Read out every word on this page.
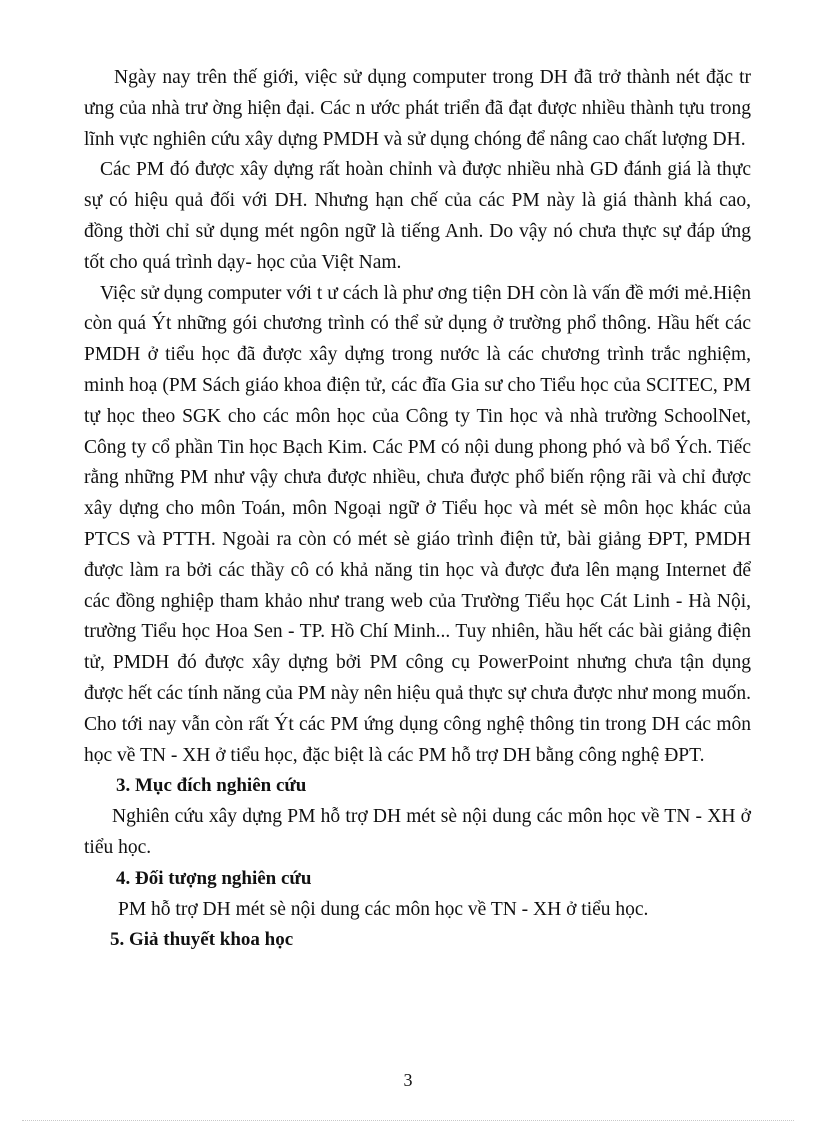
Ngày nay trên thế giới, việc sử dụng computer trong DH đã trở thành nét đặc tr ưng của nhà trư ờng hiện đại. Các n ước phát triển đã đạt được nhiều thành tựu trong lĩnh vực nghiên cứu xây dựng PMDH và sử dụng chóng để nâng cao chất lượng DH.

Các PM đó được xây dựng rất hoàn chỉnh và được nhiều nhà GD đánh giá là thực sự có hiệu quả đối với DH. Nhưng hạn chế của các PM này là giá thành khá cao, đồng thời chỉ sử dụng mét ngôn ngữ là tiếng Anh. Do vậy nó chưa thực sự đáp ứng tốt cho quá trình dạy- học của Việt Nam.

Việc sử dụng computer với t ư cách là phư ơng tiện DH còn là vấn đề mới mẻ.Hiện còn quá Ýt những gói chương trình có thể sử dụng ở trường phổ thông. Hầu hết các PMDH ở tiểu học đã được xây dựng trong nước là các chương trình trắc nghiệm, minh hoạ (PM Sách giáo khoa điện tử, các đĩa Gia sư cho Tiểu học của SCITEC, PM tự học theo SGK cho các môn học của Công ty Tin học và nhà trường SchoolNet, Công ty cổ phần Tin học Bạch Kim. Các PM có nội dung phong phó và bổ Ých. Tiếc rằng những PM như vậy chưa được nhiều, chưa được phổ biến rộng rãi và chỉ được xây dựng cho môn Toán, môn Ngoại ngữ ở Tiểu học và mét sè môn học khác của PTCS và PTTH. Ngoài ra còn có mét sè giáo trình điện tử, bài giảng ĐPT, PMDH được làm ra bởi các thầy cô có khả năng tin học và được đưa lên mạng Internet để các đồng nghiệp tham khảo như trang web của Trường Tiểu học Cát Linh - Hà Nội, trường Tiểu học Hoa Sen - TP. Hồ Chí Minh... Tuy nhiên, hầu hết các bài giảng điện tử, PMDH đó được xây dựng bởi PM công cụ PowerPoint nhưng chưa tận dụng được hết các tính năng của PM này nên hiệu quả thực sự chưa được như mong muốn. Cho tới nay vẫn còn rất Ýt các PM ứng dụng công nghệ thông tin trong DH các môn học về TN - XH ở tiểu học, đặc biệt là các PM hỗ trợ DH bằng công nghệ ĐPT.

3. Mục đích nghiên cứu

Nghiên cứu xây dựng PM hỗ trợ DH mét sè nội dung các môn học về TN - XH ở tiểu học.

4. Đối tượng nghiên cứu

PM hỗ trợ DH mét sè nội dung các môn học về TN - XH ở tiểu học.

5. Giả thuyết khoa học

3
